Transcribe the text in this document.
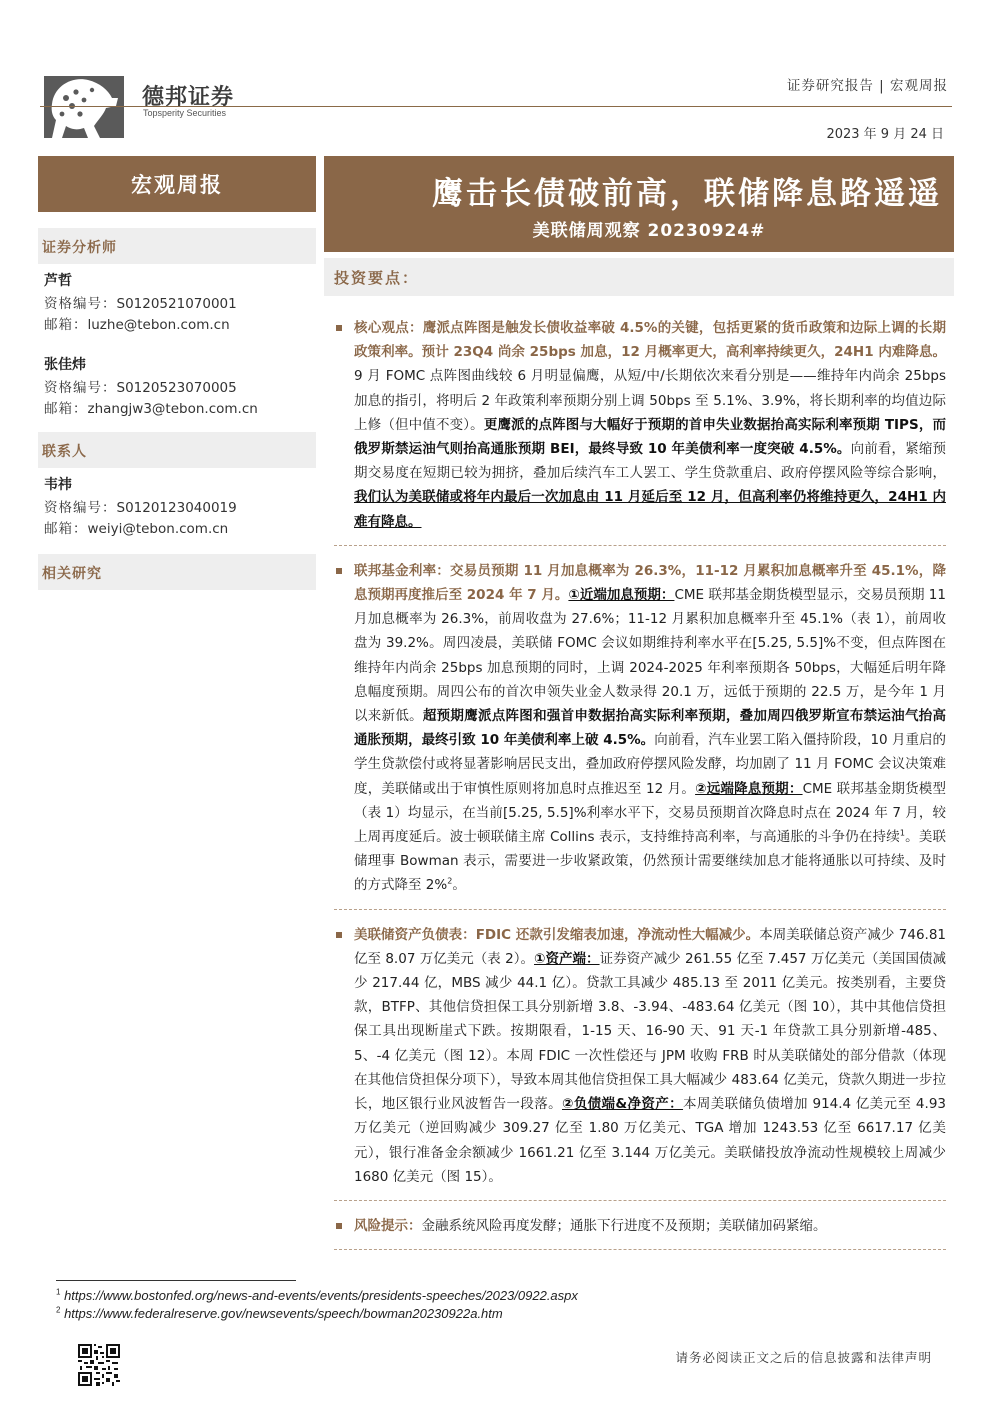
德邦证券
Topsperity Securities
证券研究报告 | 宏观周报
2023 年 9 月 24 日
宏观周报	鹰击长债破前高，联储降息路遥遥
美联储周观察 20230924#
证券分析师
芦哲
资格编号：S0120521070001
邮箱：luzhe@tebon.com.cn
张佳炜
资格编号：S0120523070005
邮箱：zhangjw3@tebon.com.cn
联系人
韦祎
资格编号：S0120123040019
邮箱：weiyi@tebon.com.cn
相关研究
投资要点：
核心观点：鹰派点阵图是触发长债收益率破 4.5%的关键，包括更紧的货币政策和边际上调的长期政策利率。预计 23Q4 尚余 25bps 加息，12 月概率更大，高利率持续更久，24H1 内难降息。9 月 FOMC 点阵图曲线较 6 月明显偏鹰，从短/中/长期依次来看分别是——维持年内尚余 25bps 加息的指引，将明后 2 年政策利率预期分别上调 50bps 至 5.1%、3.9%，将长期利率的均值边际上修（但中值不变）。更鹰派的点阵图与大幅好于预期的首申失业数据抬高实际利率预期 TIPS，而俄罗斯禁运油气则抬高通胀预期 BEI，最终导致 10 年美债利率一度突破 4.5%。向前看，紧缩预期交易度在短期已较为拥挤，叠加后续汽车工人罢工、学生贷款重启、政府停摆风险等综合影响，我们认为美联储或将年内最后一次加息由 11 月延后至 12 月，但高利率仍将维持更久，24H1 内难有降息。
联邦基金利率：交易员预期 11 月加息概率为 26.3%，11-12 月累积加息概率升至 45.1%，降息预期再度推后至 2024 年 7 月。①近端加息预期：CME 联邦基金期货模型显示，交易员预期 11 月加息概率为 26.3%，前周收盘为 27.6%；11-12 月累积加息概率升至 45.1%（表 1），前周收盘为 39.2%。周四凌晨，美联储 FOMC 会议如期维持利率水平在[5.25, 5.5]%不变，但点阵图在维持年内尚余 25bps 加息预期的同时，上调 2024-2025 年利率预期各 50bps，大幅延后明年降息幅度预期。周四公布的首次申领失业金人数录得 20.1 万，远低于预期的 22.5 万，是今年 1 月以来新低。超预期鹰派点阵图和强首申数据抬高实际利率预期，叠加周四俄罗斯宣布禁运油气抬高通胀预期，最终引致 10 年美债利率上破 4.5%。向前看，汽车业罢工陷入僵持阶段，10 月重启的学生贷款偿付或将显著影响居民支出，叠加政府停摆风险发酵，均加剧了 11 月 FOMC 会议决策难度，美联储或出于审慎性原则将加息时点推迟至 12 月。②远端降息预期：CME 联邦基金期货模型（表 1）均显示，在当前[5.25, 5.5]%利率水平下，交易员预期首次降息时点在 2024 年 7 月，较上周再度延后。波士顿联储主席 Collins 表示，支持维持高利率，与高通胀的斗争仍在持续$^1$。美联储理事 Bowman 表示，需要进一步收紧政策，仍然预计需要继续加息才能将通胀以可持续、及时的方式降至 2%$^2$。
美联储资产负债表：FDIC 还款引发缩表加速，净流动性大幅减少。本周美联储总资产减少 746.81 亿至 8.07 万亿美元（表 2）。①资产端：证券资产减少 261.55 亿至 7.457 万亿美元（美国国债减少 217.44 亿，MBS 减少 44.1 亿）。贷款工具减少 485.13 至 2011 亿美元。按类别看，主要贷款，BTFP、其他信贷担保工具分别新增 3.8、-3.94、-483.64 亿美元（图 10），其中其他信贷担保工具出现断崖式下跌。按期限看，1-15 天、16-90 天、91 天-1 年贷款工具分别新增-485、5、-4 亿美元（图 12）。本周 FDIC 一次性偿还与 JPM 收购 FRB 时从美联储处的部分借款（体现在其他信贷担保分项下），导致本周其他信贷担保工具大幅减少 483.64 亿美元，贷款久期进一步拉长，地区银行业风波暂告一段落。②负债端&净资产：本周美联储负债增加 914.4 亿美元至 4.93 万亿美元（逆回购减少 309.27 亿至 1.80 万亿美元、TGA 增加 1243.53 亿至 6617.17 亿美元），银行准备金余额减少 1661.21 亿至 3.144 万亿美元。美联储投放净流动性规模较上周减少 1680 亿美元（图 15）。
风险提示：金融系统风险再度发酵；通胀下行进度不及预期；美联储加码紧缩。
$^1$ https://www.bostonfed.org/news-and-events/events/presidents-speeches/2023/0922.aspx
$^2$ https://www.federalreserve.gov/newsevents/speech/bowman20230922a.htm
请务必阅读正文之后的信息披露和法律声明
